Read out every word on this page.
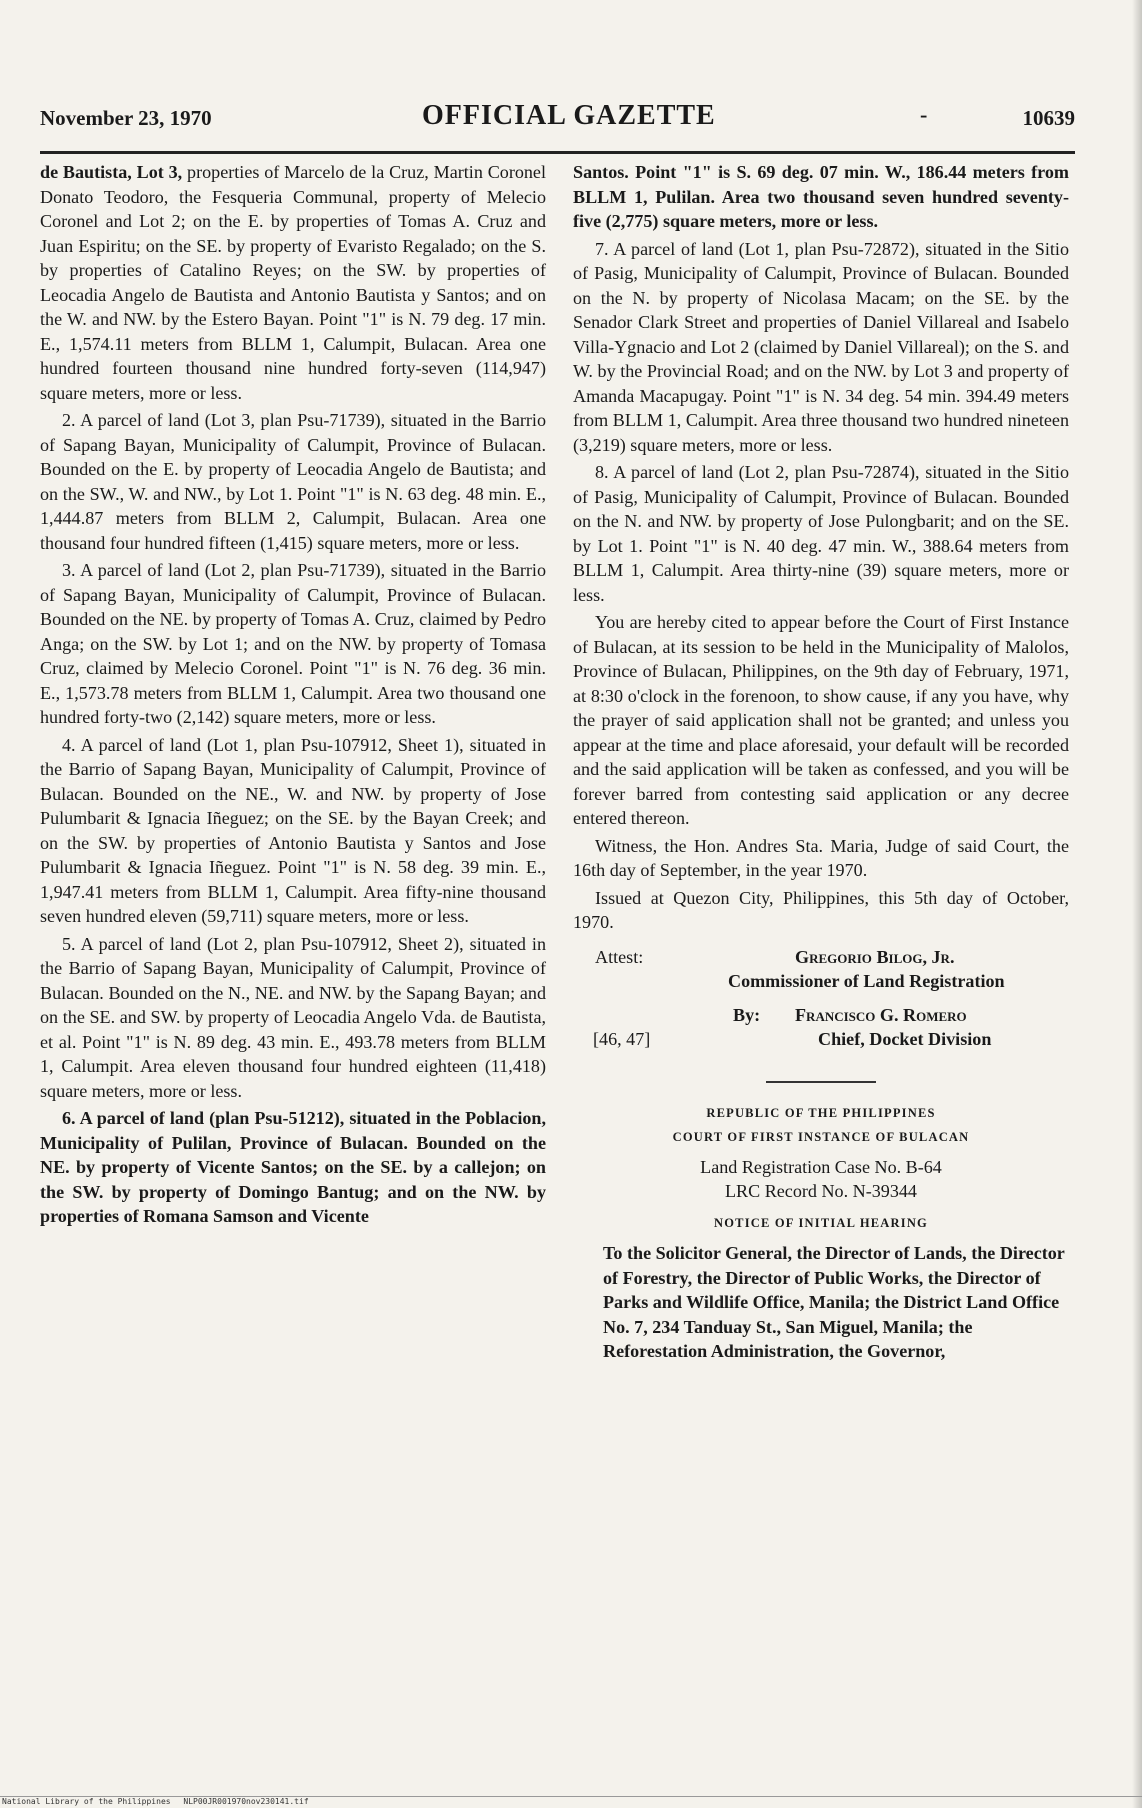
November 23, 1970	OFFICIAL GAZETTE	-	10639

de Bautista, Lot 3, properties of Marcelo de la Cruz, Martin Coronel Donato Teodoro, the Fesqueria Communal, property of Melecio Coronel and Lot 2; on the E. by properties of Tomas A. Cruz and Juan Espiritu; on the SE. by property of Evaristo Regalado; on the S. by properties of Catalino Reyes; on the SW. by properties of Leocadia Angelo de Bautista and Antonio Bautista y Santos; and on the W. and NW. by the Estero Bayan. Point "1" is N. 79 deg. 17 min. E., 1,574.11 meters from BLLM 1, Calumpit, Bulacan. Area one hundred fourteen thousand nine hundred forty-seven (114,947) square meters, more or less.

2. A parcel of land (Lot 3, plan Psu-71739), situated in the Barrio of Sapang Bayan, Municipality of Calumpit, Province of Bulacan. Bounded on the E. by property of Leocadia Angelo de Bautista; and on the SW., W. and NW., by Lot 1. Point "1" is N. 63 deg. 48 min. E., 1,444.87 meters from BLLM 2, Calumpit, Bulacan. Area one thousand four hundred fifteen (1,415) square meters, more or less.

3. A parcel of land (Lot 2, plan Psu-71739), situated in the Barrio of Sapang Bayan, Municipality of Calumpit, Province of Bulacan. Bounded on the NE. by property of Tomas A. Cruz, claimed by Pedro Anga; on the SW. by Lot 1; and on the NW. by property of Tomasa Cruz, claimed by Melecio Coronel. Point "1" is N. 76 deg. 36 min. E., 1,573.78 meters from BLLM 1, Calumpit. Area two thousand one hundred forty-two (2,142) square meters, more or less.

4. A parcel of land (Lot 1, plan Psu-107912, Sheet 1), situated in the Barrio of Sapang Bayan, Municipality of Calumpit, Province of Bulacan. Bounded on the NE., W. and NW. by property of Jose Pulumbarit & Ignacia Iñeguez; on the SE. by the Bayan Creek; and on the SW. by properties of Antonio Bautista y Santos and Jose Pulumbarit & Ignacia Iñeguez. Point "1" is N. 58 deg. 39 min. E., 1,947.41 meters from BLLM 1, Calumpit. Area fifty-nine thousand seven hundred eleven (59,711) square meters, more or less.

5. A parcel of land (Lot 2, plan Psu-107912, Sheet 2), situated in the Barrio of Sapang Bayan, Municipality of Calumpit, Province of Bulacan. Bounded on the N., NE. and NW. by the Sapang Bayan; and on the SE. and SW. by property of Leocadia Angelo Vda. de Bautista, et al. Point "1" is N. 89 deg. 43 min. E., 493.78 meters from BLLM 1, Calumpit. Area eleven thousand four hundred eighteen (11,418) square meters, more or less.

6. A parcel of land (plan Psu-51212), situated in the Poblacion, Municipality of Pulilan, Province of Bulacan. Bounded on the NE. by property of Vicente Santos; on the SE. by a callejon; on the SW. by property of Domingo Bantug; and on the NW. by properties of Romana Samson and Vicente

Santos. Point "1" is S. 69 deg. 07 min. W., 186.44 meters from BLLM 1, Pulilan. Area two thousand seven hundred seventy-five (2,775) square meters, more or less.

7. A parcel of land (Lot 1, plan Psu-72872), situated in the Sitio of Pasig, Municipality of Calumpit, Province of Bulacan. Bounded on the N. by property of Nicolasa Macam; on the SE. by the Senador Clark Street and properties of Daniel Villareal and Isabelo Villa-Ygnacio and Lot 2 (claimed by Daniel Villareal); on the S. and W. by the Provincial Road; and on the NW. by Lot 3 and property of Amanda Macapugay. Point "1" is N. 34 deg. 54 min. 394.49 meters from BLLM 1, Calumpit. Area three thousand two hundred nineteen (3,219) square meters, more or less.

8. A parcel of land (Lot 2, plan Psu-72874), situated in the Sitio of Pasig, Municipality of Calumpit, Province of Bulacan. Bounded on the N. and NW. by property of Jose Pulongbarit; and on the SE. by Lot 1. Point "1" is N. 40 deg. 47 min. W., 388.64 meters from BLLM 1, Calumpit. Area thirty-nine (39) square meters, more or less.

You are hereby cited to appear before the Court of First Instance of Bulacan, at its session to be held in the Municipality of Malolos, Province of Bulacan, Philippines, on the 9th day of February, 1971, at 8:30 o'clock in the forenoon, to show cause, if any you have, why the prayer of said application shall not be granted; and unless you appear at the time and place aforesaid, your default will be recorded and the said application will be taken as confessed, and you will be forever barred from contesting said application or any decree entered thereon.

Witness, the Hon. Andres Sta. Maria, Judge of said Court, the 16th day of September, in the year 1970.

Issued at Quezon City, Philippines, this 5th day of October, 1970.

Attest:	Gregorio Bilog, Jr.
Commissioner of Land Registration
[46, 47]
By: Francisco G. Romero
Chief, Docket Division
REPUBLIC OF THE PHILIPPINES
COURT OF FIRST INSTANCE OF BULACAN
Land Registration Case No. B-64
LRC Record No. N-39344
NOTICE OF INITIAL HEARING

To the Solicitor General, the Director of Lands, the Director of Forestry, the Director of Public Works, the Director of Parks and Wildlife Office, Manila; the District Land Office No. 7, 234 Tanduay St., San Miguel, Manila; the Reforestation Administration, the Governor,

National Library of the Philippines NLP00JR001970nov230141.tif
